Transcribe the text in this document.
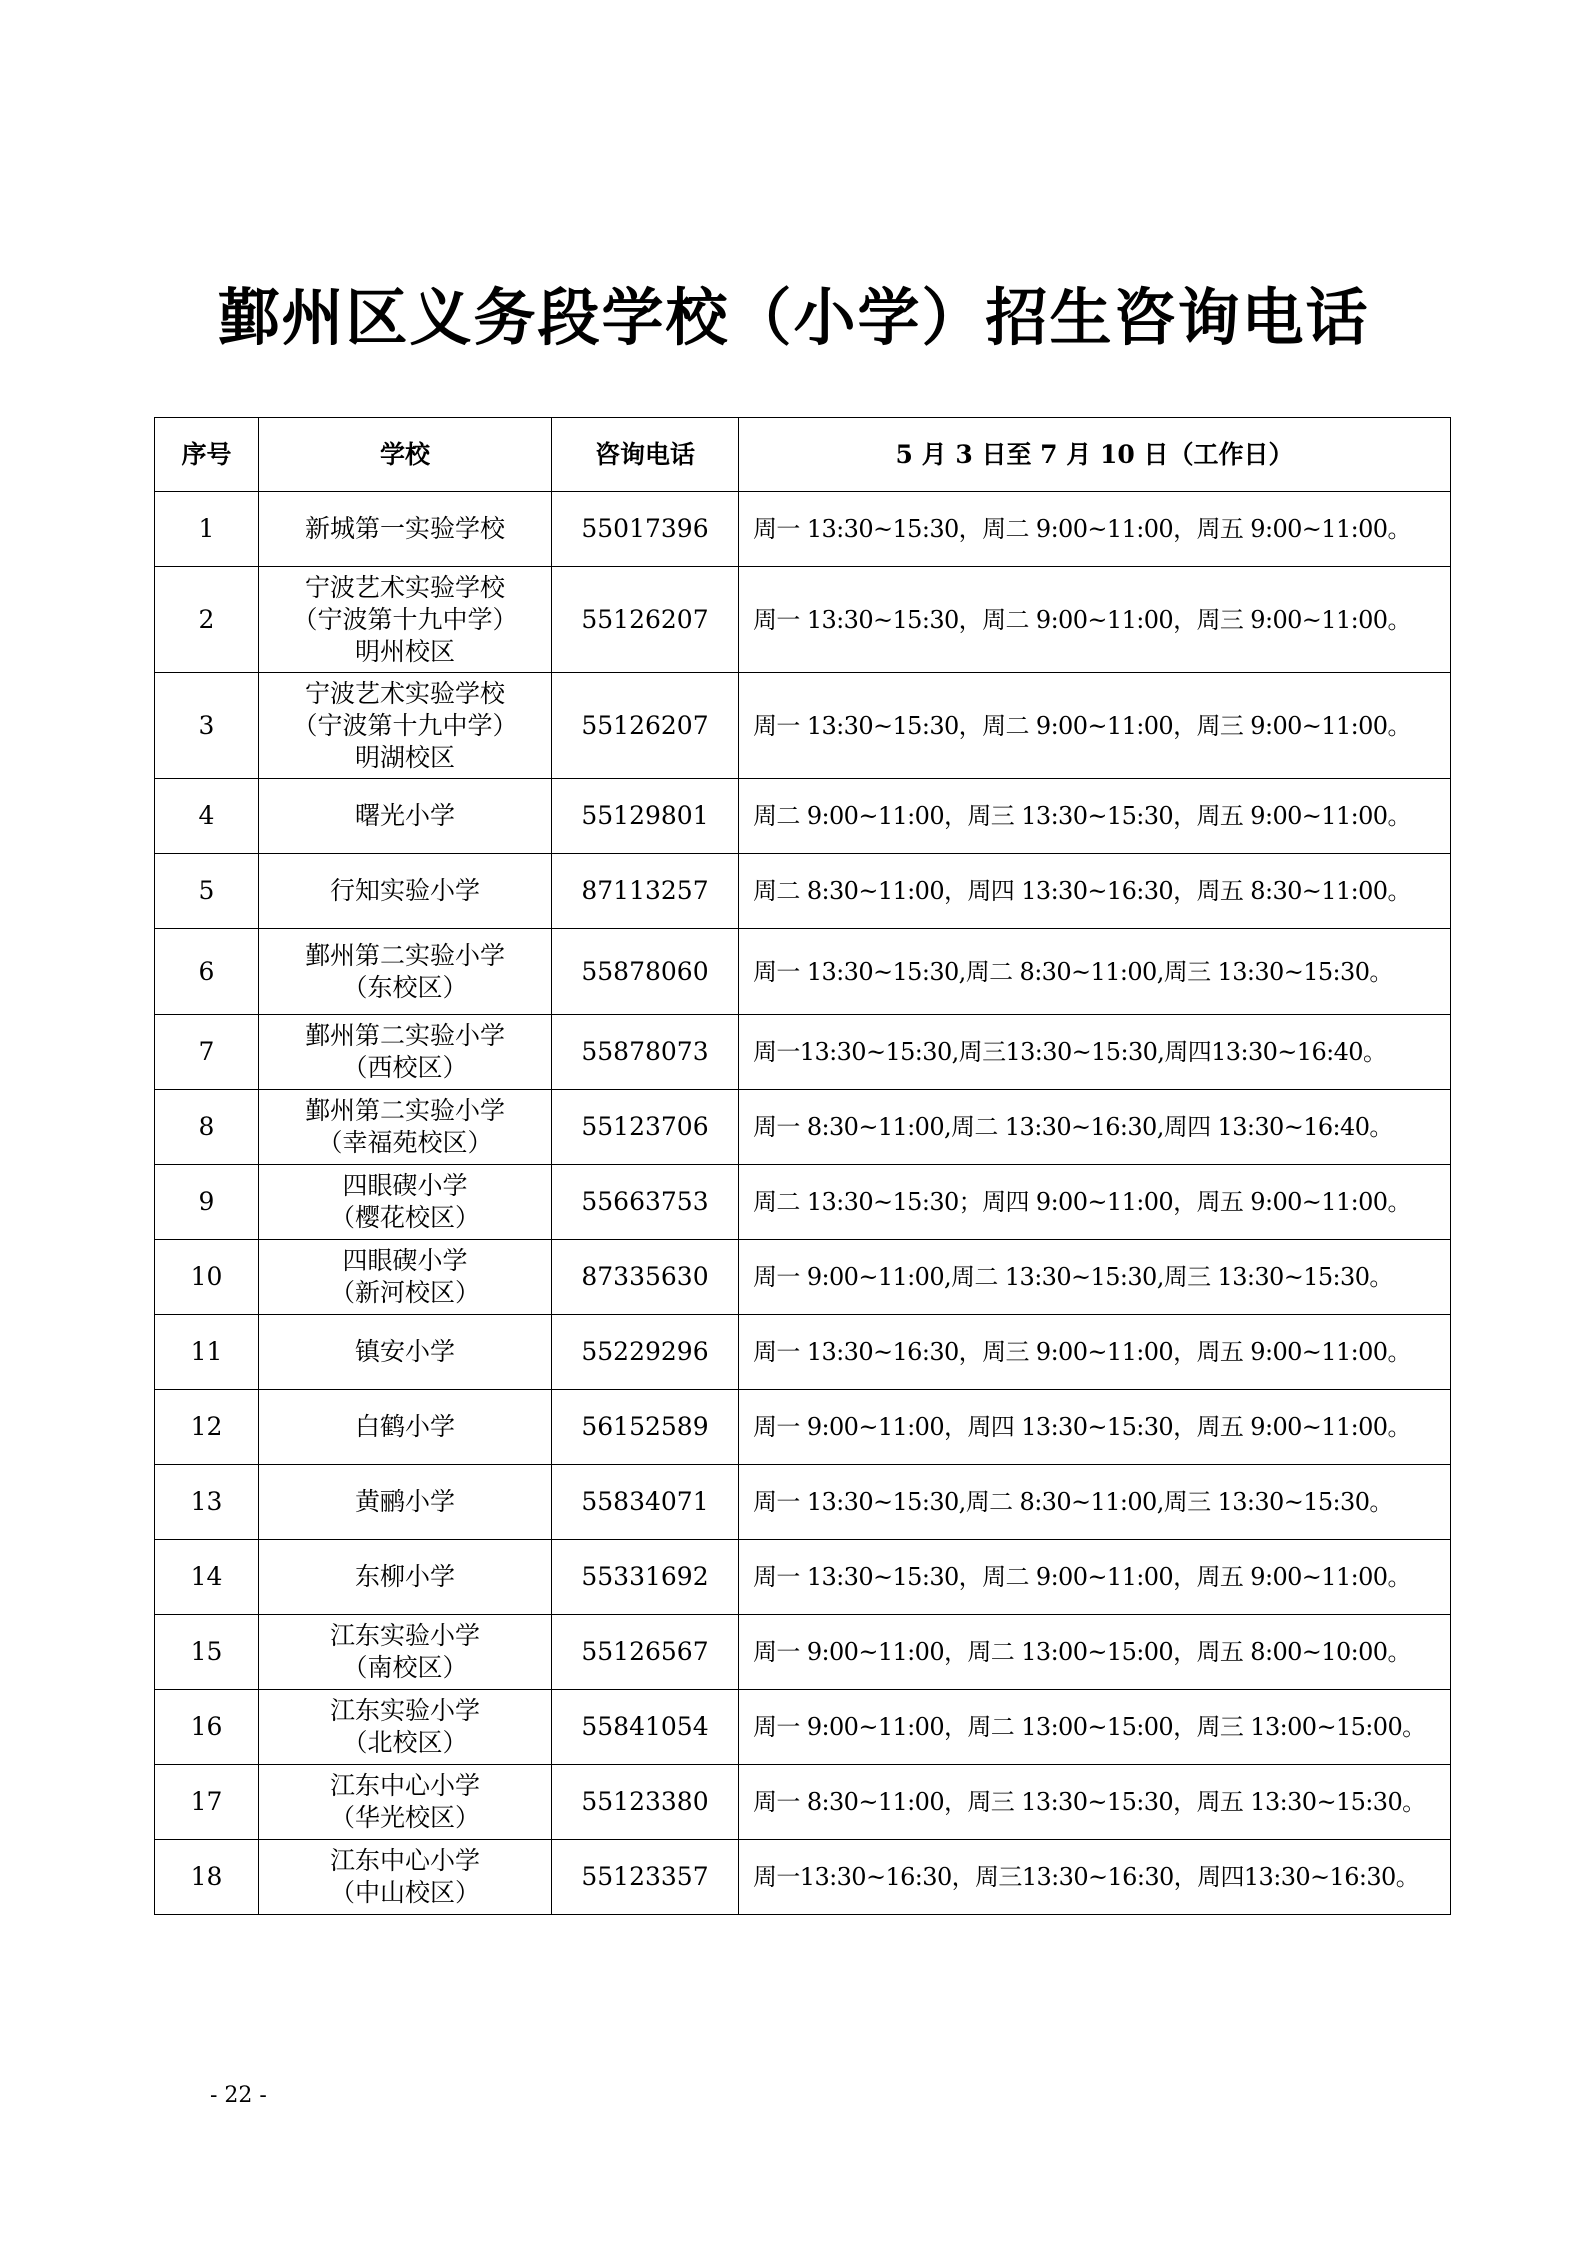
鄞州区义务段学校（小学）招生咨询电话
序号	学校	咨询电话	5 月 3 日至 7 月 10 日（工作日）
1	新城第一实验学校	55017396	周一 13:30~15:30，周二 9:00~11:00，周五 9:00~11:00。
2	宁波艺术实验学校
（宁波第十九中学）
明州校区	55126207	周一 13:30~15:30，周二 9:00~11:00，周三 9:00~11:00。
3	宁波艺术实验学校
（宁波第十九中学）
明湖校区	55126207	周一 13:30~15:30，周二 9:00~11:00，周三 9:00~11:00。
4	曙光小学	55129801	周二 9:00~11:00，周三 13:30~15:30，周五 9:00~11:00。
5	行知实验小学	87113257	周二 8:30~11:00，周四 13:30~16:30，周五 8:30~11:00。
6	鄞州第二实验小学
（东校区）	55878060	周一 13:30~15:30,周二 8:30~11:00,周三 13:30~15:30。
7	鄞州第二实验小学
（西校区）	55878073	周一13:30~15:30,周三13:30~15:30,周四13:30~16:40。
8	鄞州第二实验小学
（幸福苑校区）	55123706	周一 8:30~11:00,周二 13:30~16:30,周四 13:30~16:40。
9	四眼碶小学
（樱花校区）	55663753	周二 13:30~15:30；周四 9:00~11:00，周五 9:00~11:00。
10	四眼碶小学
（新河校区）	87335630	周一 9:00~11:00,周二 13:30~15:30,周三 13:30~15:30。
11	镇安小学	55229296	周一 13:30~16:30，周三 9:00~11:00，周五 9:00~11:00。
12	白鹤小学	56152589	周一 9:00~11:00，周四 13:30~15:30，周五 9:00~11:00。
13	黄鹂小学	55834071	周一 13:30~15:30,周二 8:30~11:00,周三 13:30~15:30。
14	东柳小学	55331692	周一 13:30~15:30，周二 9:00~11:00，周五 9:00~11:00。
15	江东实验小学
（南校区）	55126567	周一 9:00~11:00，周二 13:00~15:00，周五 8:00~10:00。
16	江东实验小学
（北校区）	55841054	周一 9:00~11:00，周二 13:00~15:00，周三 13:00~15:00。
17	江东中心小学
（华光校区）	55123380	周一 8:30~11:00，周三 13:30~15:30，周五 13:30~15:30。
18	江东中心小学
（中山校区）	55123357	周一13:30~16:30，周三13:30~16:30，周四13:30~16:30。
- 22 -
